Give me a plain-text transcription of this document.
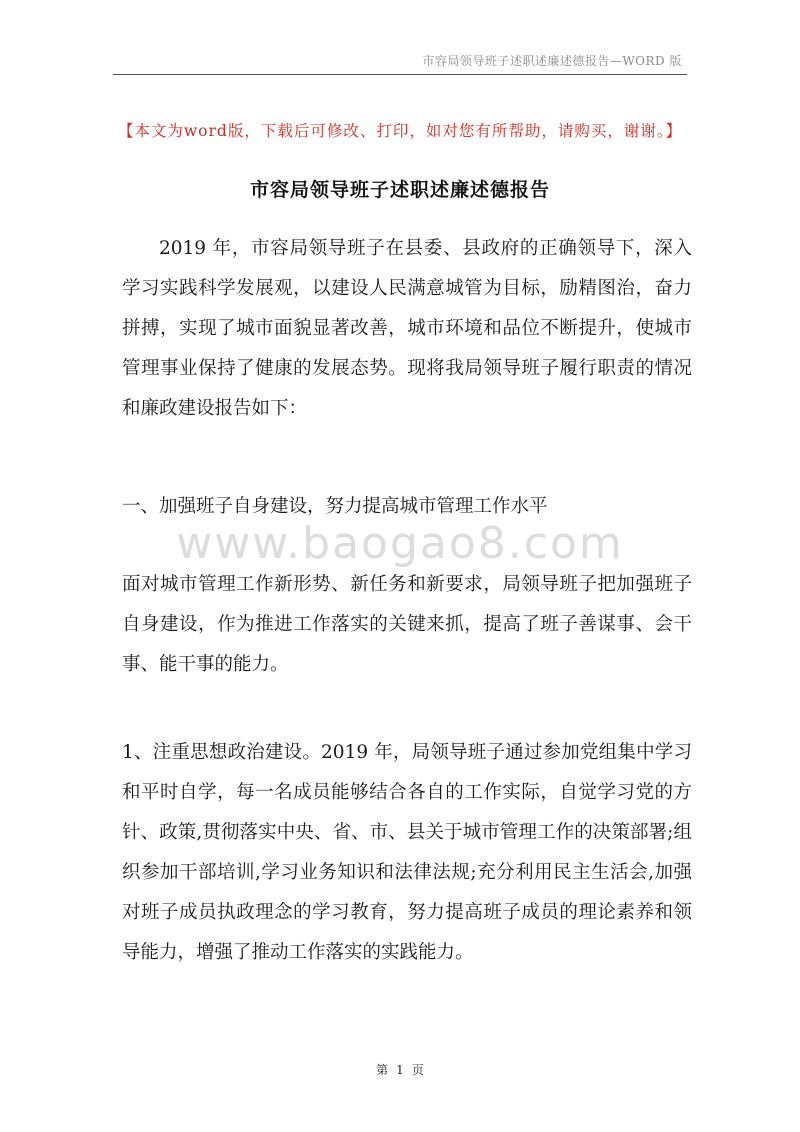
市容局领导班子述职述廉述德报告—WORD 版
【本文为word版，下载后可修改、打印，如对您有所帮助，请购买，谢谢。】
市容局领导班子述职述廉述德报告
2019 年，市容局领导班子在县委、县政府的正确领导下，深入学习实践科学发展观，以建设人民满意城管为目标，励精图治，奋力拼搏，实现了城市面貌显著改善，城市环境和品位不断提升，使城市管理事业保持了健康的发展态势。现将我局领导班子履行职责的情况和廉政建设报告如下：
一、加强班子自身建设，努力提高城市管理工作水平
www.baogao8.com
面对城市管理工作新形势、新任务和新要求，局领导班子把加强班子自身建设，作为推进工作落实的关键来抓，提高了班子善谋事、会干事、能干事的能力。
1、注重思想政治建设。2019 年，局领导班子通过参加党组集中学习和平时自学，每一名成员能够结合各自的工作实际，自觉学习党的方针、政策,贯彻落实中央、省、市、县关于城市管理工作的决策部署;组织参加干部培训,学习业务知识和法律法规;充分利用民主生活会,加强对班子成员执政理念的学习教育，努力提高班子成员的理论素养和领导能力，增强了推动工作落实的实践能力。
第 1 页
